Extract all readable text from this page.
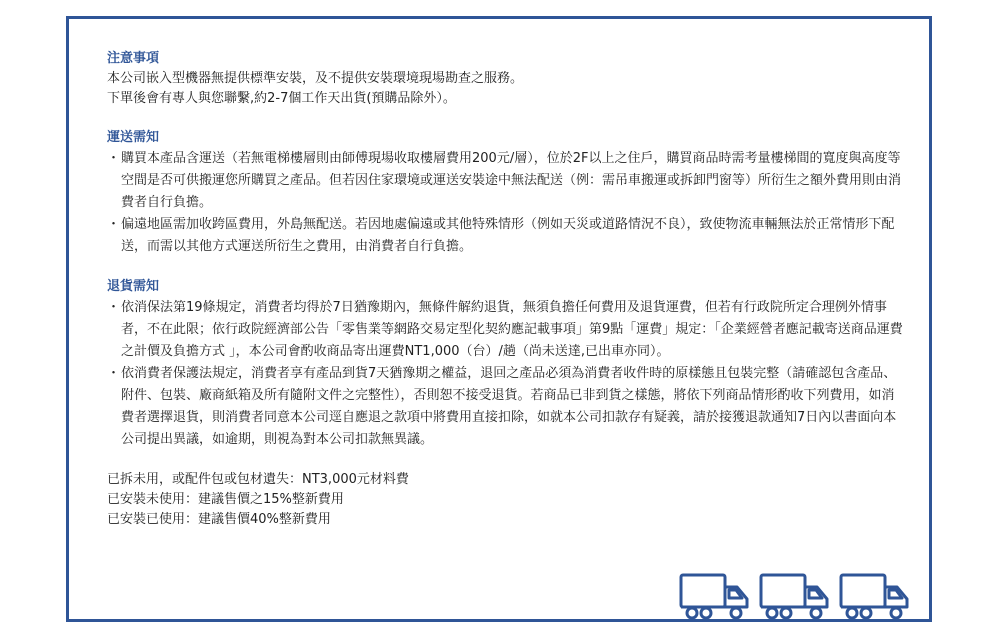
注意事項

本公司嵌入型機器無提供標準安裝，及不提供安裝環境現場勘查之服務。

下單後會有專人與您聯繫,約2-7個工作天出貨(預購品除外）。

運送需知

・ 購買本產品含運送（若無電梯樓層則由師傅現場收取樓層費用200元/層），位於2F以上之住戶，購買商品時需考量樓梯間的寬度與高度等空間是否可供搬運您所購買之產品。但若因住家環境或運送安裝途中無法配送（例：需吊車搬運或拆卸門窗等）所衍生之額外費用則由消費者自行負擔。

・ 偏遠地區需加收跨區費用，外島無配送。若因地處偏遠或其他特殊情形（例如天災或道路情況不良），致使物流車輛無法於正常情形下配送，而需以其他方式運送所衍生之費用，由消費者自行負擔。

退貨需知

・ 依消保法第19條規定，消費者均得於7日猶豫期內，無條件解約退貨，無須負擔任何費用及退貨運費，但若有行政院所定合理例外情事者，不在此限；依行政院經濟部公告「零售業等網路交易定型化契約應記載事項」第9點「運費」規定：「企業經營者應記載寄送商品運費之計價及負擔方式 」，本公司會酌收商品寄出運費NT1,000（台）/趟（尚未送達,已出車亦同）。

・ 依消費者保護法規定，消費者享有產品到貨7天猶豫期之權益，退回之產品必須為消費者收件時的原樣態且包裝完整（請確認包含產品、附件、包裝、廠商紙箱及所有隨附文件之完整性），否則恕不接受退貨。若商品已非到貨之樣態，將依下列商品情形酌收下列費用，如消費者選擇退貨，則消費者同意本公司逕自應退之款項中將費用直接扣除，如就本公司扣款存有疑義，請於接獲退款通知7日內以書面向本公司提出異議，如逾期，則視為對本公司扣款無異議。

已拆未用，或配件包或包材遺失：NT3,000元材料費

已安裝未使用：建議售價之15%整新費用

已安裝已使用：建議售價40%整新費用
